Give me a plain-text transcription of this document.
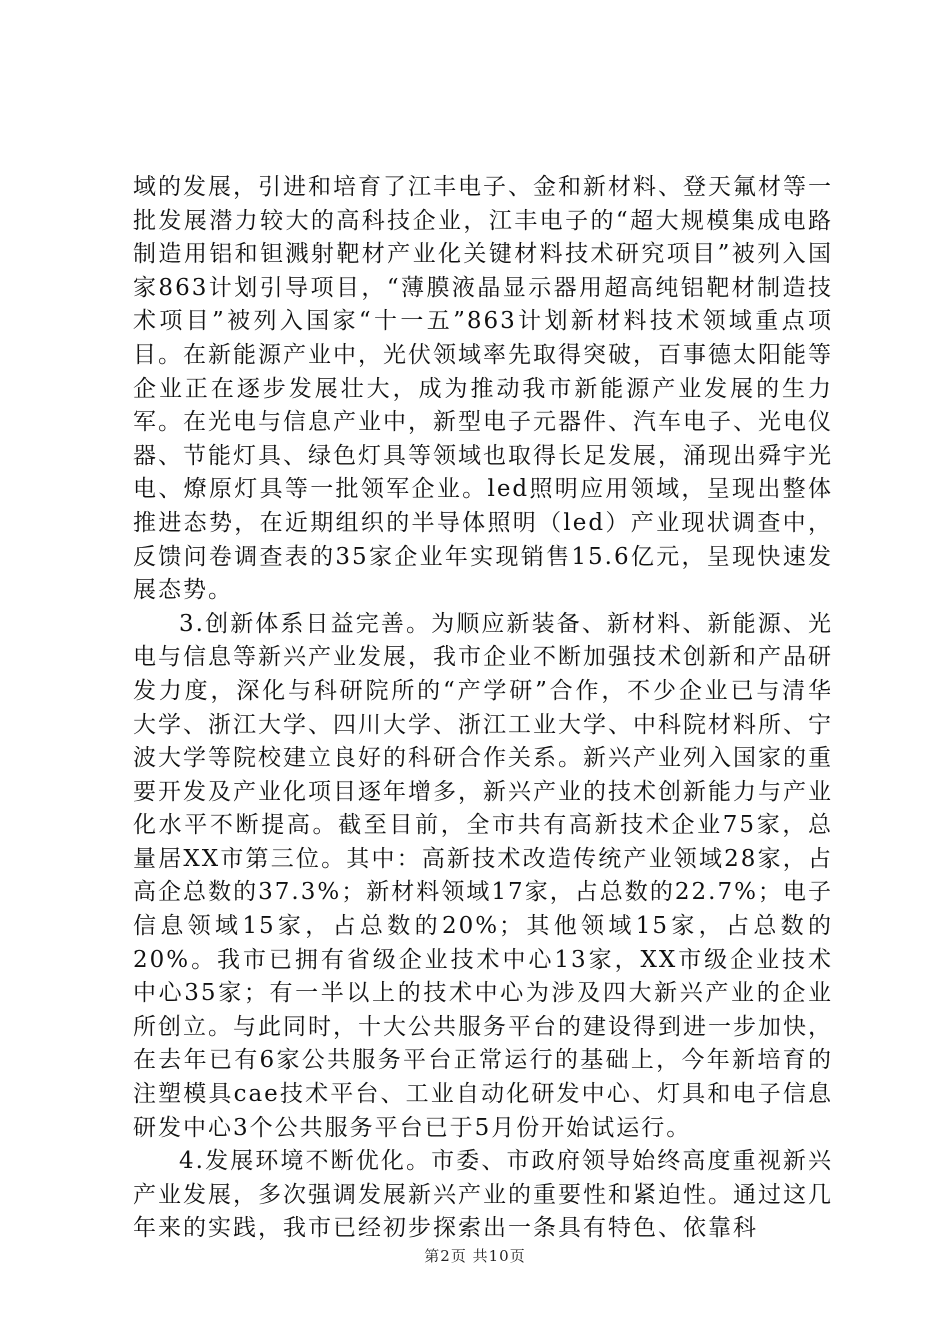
域的发展，引进和培育了江丰电子、金和新材料、登天氟材等一批发展潜力较大的高科技企业，江丰电子的“超大规模集成电路制造用铝和钽溅射靶材产业化关键材料技术研究项目”被列入国家863计划引导项目，“薄膜液晶显示器用超高纯铝靶材制造技术项目”被列入国家“十一五”863计划新材料技术领域重点项目。在新能源产业中，光伏领域率先取得突破，百事德太阳能等企业正在逐步发展壮大，成为推动我市新能源产业发展的生力军。在光电与信息产业中，新型电子元器件、汽车电子、光电仪器、节能灯具、绿色灯具等领域也取得长足发展，涌现出舜宇光电、燎原灯具等一批领军企业。led照明应用领域，呈现出整体推进态势，在近期组织的半导体照明（led）产业现状调查中，反馈问卷调查表的35家企业年实现销售15.6亿元，呈现快速发展态势。

3.创新体系日益完善。为顺应新装备、新材料、新能源、光电与信息等新兴产业发展，我市企业不断加强技术创新和产品研发力度，深化与科研院所的“产学研”合作，不少企业已与清华大学、浙江大学、四川大学、浙江工业大学、中科院材料所、宁波大学等院校建立良好的科研合作关系。新兴产业列入国家的重要开发及产业化项目逐年增多，新兴产业的技术创新能力与产业化水平不断提高。截至目前，全市共有高新技术企业75家，总量居XX市第三位。其中：高新技术改造传统产业领域28家，占高企总数的37.3%；新材料领域17家，占总数的22.7%；电子信息领域15家，占总数的20%；其他领域15家，占总数的20%。我市已拥有省级企业技术中心13家，XX市级企业技术中心35家；有一半以上的技术中心为涉及四大新兴产业的企业所创立。与此同时，十大公共服务平台的建设得到进一步加快，在去年已有6家公共服务平台正常运行的基础上，今年新培育的注塑模具cae技术平台、工业自动化研发中心、灯具和电子信息研发中心3个公共服务平台已于5月份开始试运行。

4.发展环境不断优化。市委、市政府领导始终高度重视新兴产业发展，多次强调发展新兴产业的重要性和紧迫性。通过这几年来的实践，我市已经初步探索出一条具有特色、依靠科

第2页 共10页
